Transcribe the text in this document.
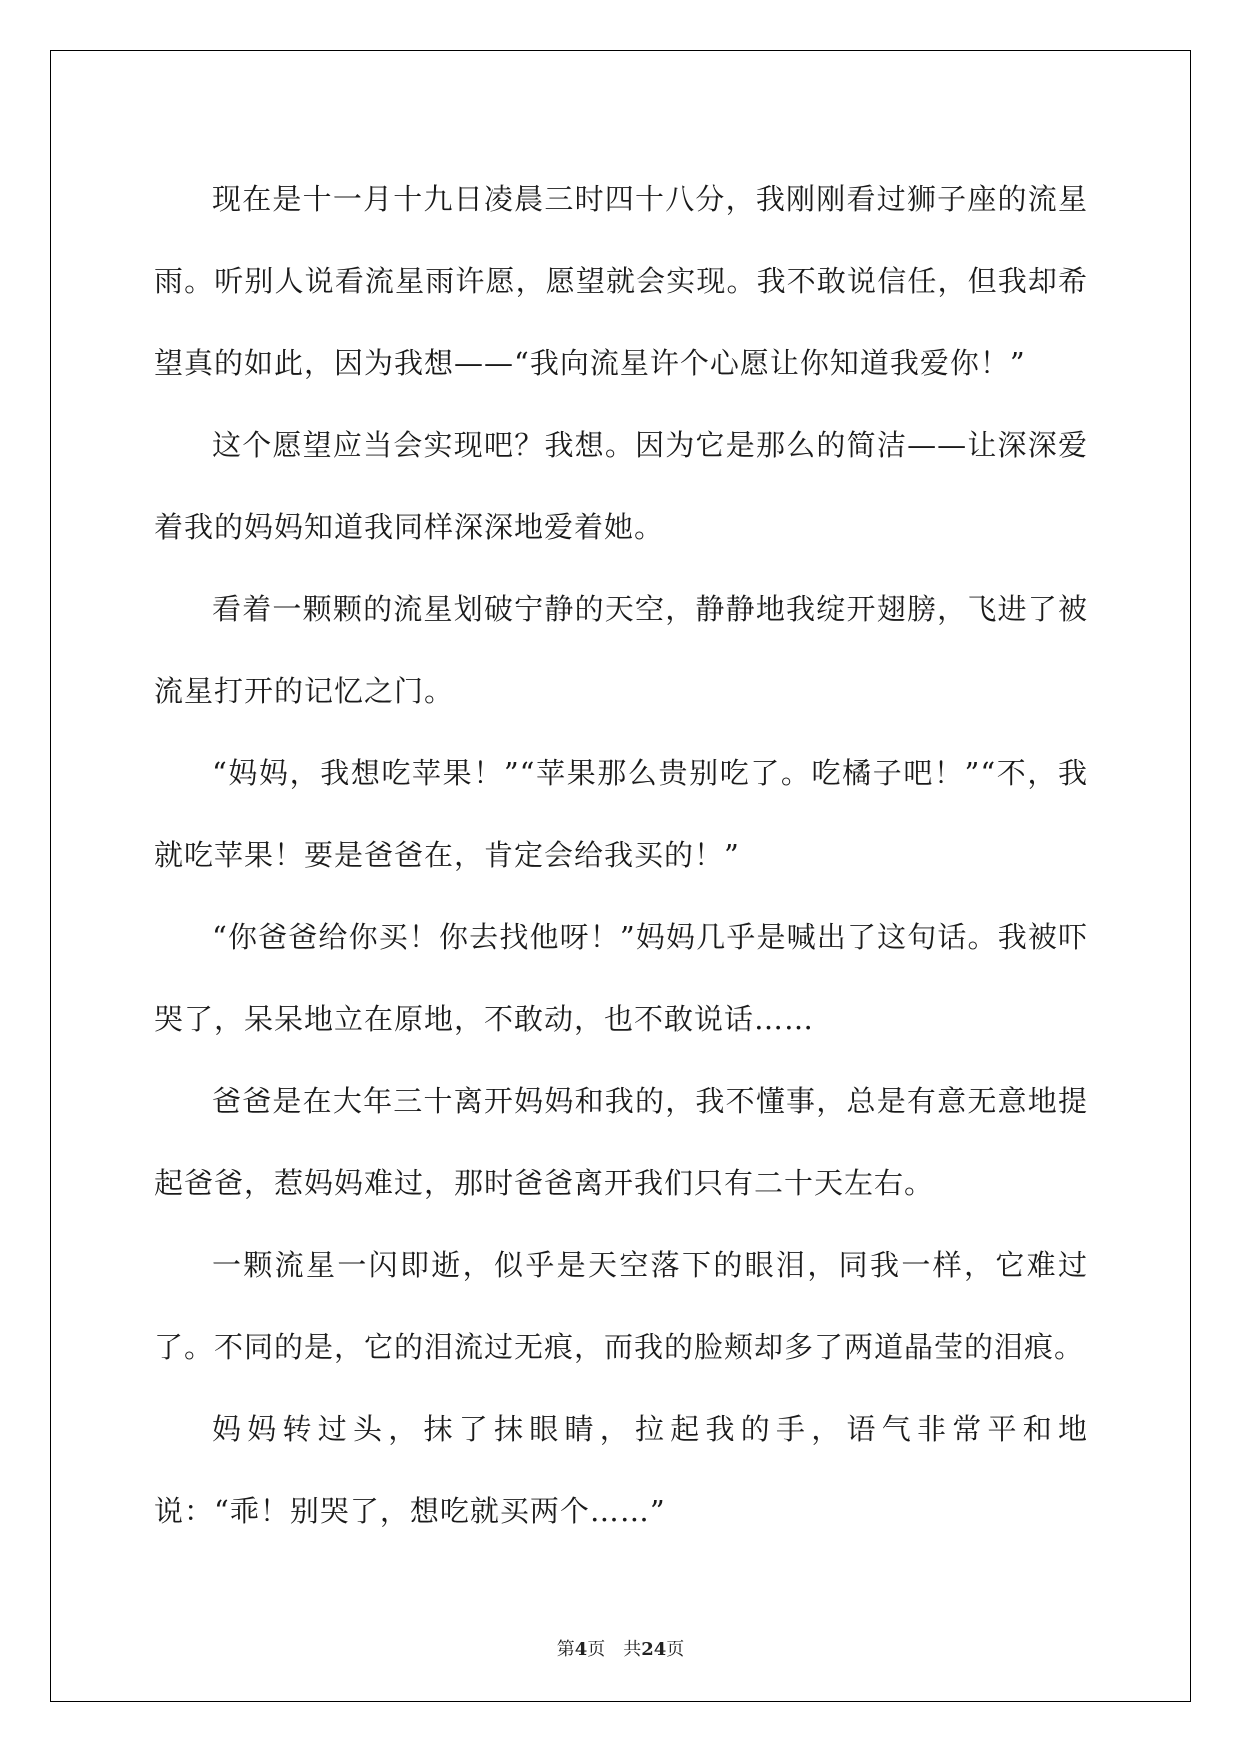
现在是十一月十九日凌晨三时四十八分，我刚刚看过狮子座的流星雨。听别人说看流星雨许愿，愿望就会实现。我不敢说信任，但我却希望真的如此，因为我想——“我向流星许个心愿让你知道我爱你！”

这个愿望应当会实现吧？我想。因为它是那么的简洁——让深深爱着我的妈妈知道我同样深深地爱着她。

看着一颗颗的流星划破宁静的天空，静静地我绽开翅膀，飞进了被流星打开的记忆之门。

“妈妈，我想吃苹果！”“苹果那么贵别吃了。吃橘子吧！”“不，我就吃苹果！要是爸爸在，肯定会给我买的！”

“你爸爸给你买！你去找他呀！”妈妈几乎是喊出了这句话。我被吓哭了，呆呆地立在原地，不敢动，也不敢说话……

爸爸是在大年三十离开妈妈和我的，我不懂事，总是有意无意地提起爸爸，惹妈妈难过，那时爸爸离开我们只有二十天左右。

一颗流星一闪即逝，似乎是天空落下的眼泪，同我一样，它难过了。不同的是，它的泪流过无痕，而我的脸颊却多了两道晶莹的泪痕。

妈妈转过头，抹了抹眼睛，拉起我的手，语气非常平和地说：“乖！别哭了，想吃就买两个……”

第4页 共24页
